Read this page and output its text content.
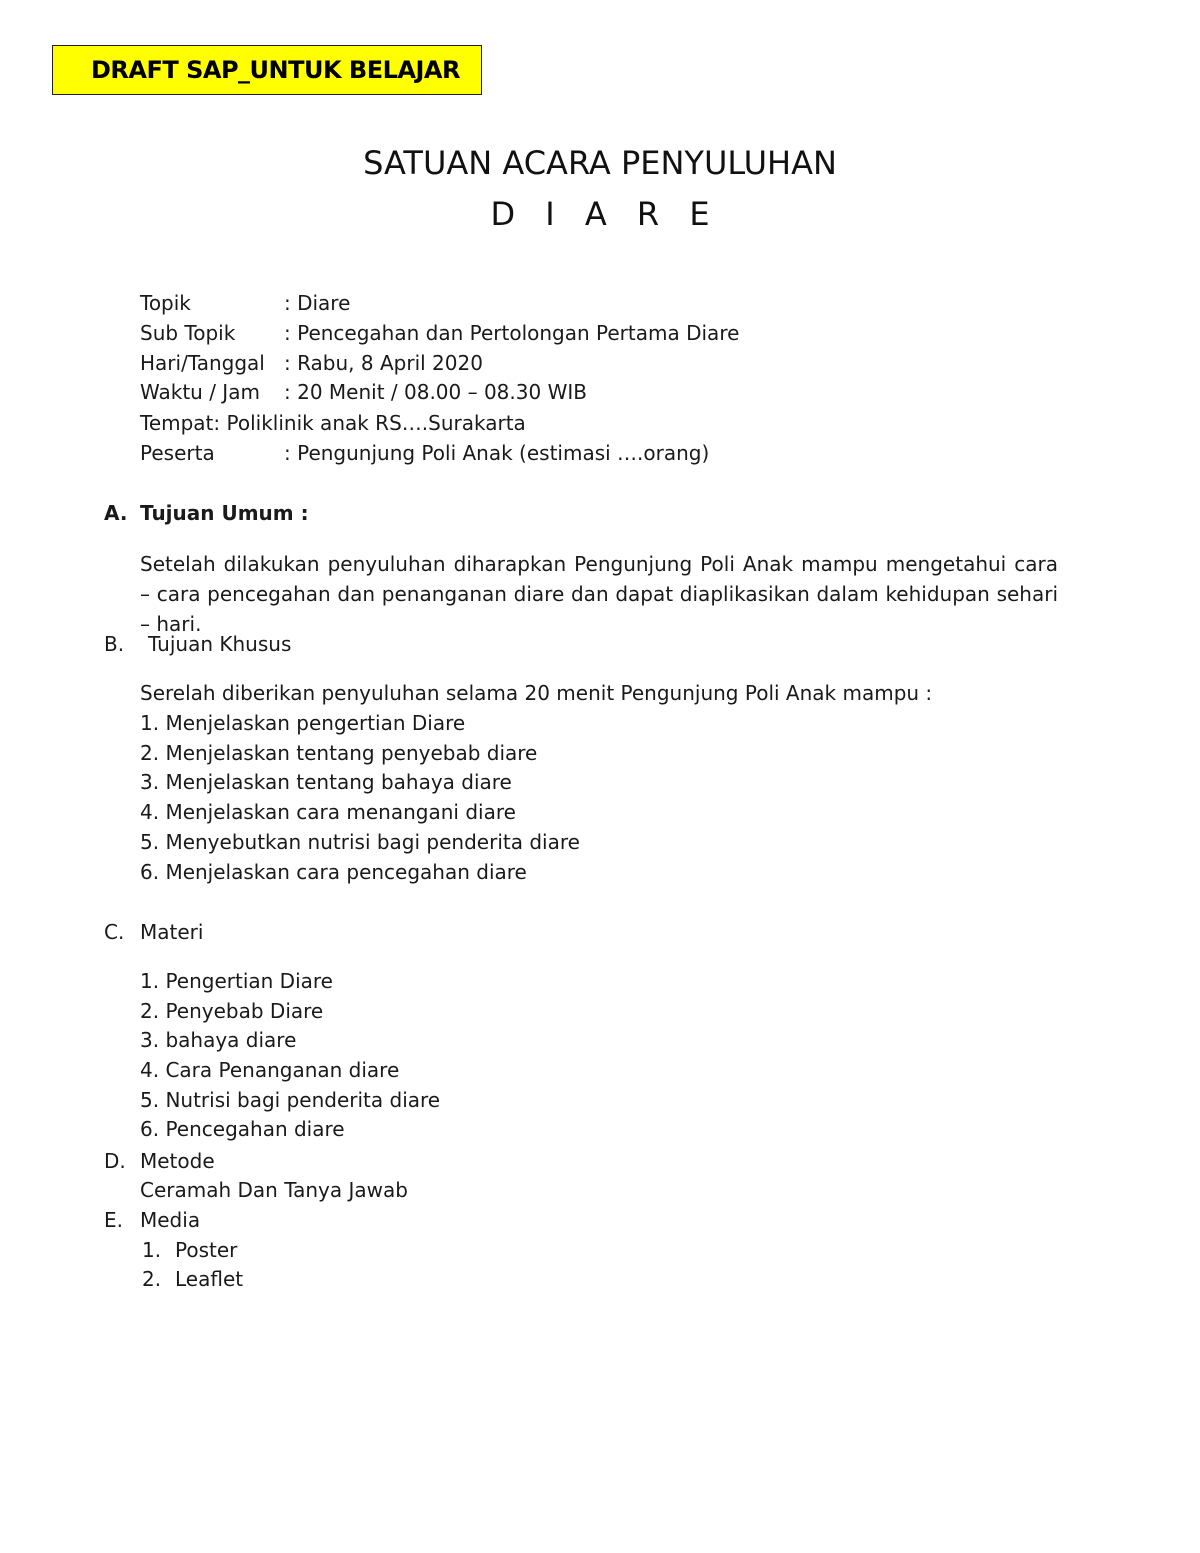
DRAFT SAP_UNTUK BELAJAR
SATUAN ACARA PENYULUHAN
D I A R E
Topik	: Diare
Sub Topik : Pencegahan dan Pertolongan Pertama Diare
Hari/Tanggal : Rabu, 8 April 2020
Waktu / Jam : 20 Menit / 08.00 – 08.30 WIB
Tempat: Poliklinik anak RS….Surakarta
Peserta	: Pengunjung Poli Anak (estimasi ….orang)
A. Tujuan Umum :
Setelah dilakukan penyuluhan diharapkan Pengunjung Poli Anak mampu mengetahui cara – cara pencegahan dan penanganan diare dan dapat diaplikasikan dalam kehidupan sehari – hari.
B. Tujuan Khusus
Serelah diberikan penyuluhan selama 20 menit Pengunjung Poli Anak mampu :
1. Menjelaskan pengertian Diare
2. Menjelaskan tentang penyebab diare
3. Menjelaskan tentang bahaya diare
4. Menjelaskan cara menangani diare
5. Menyebutkan nutrisi bagi penderita diare
6. Menjelaskan cara pencegahan diare
C. Materi
1. Pengertian Diare
2. Penyebab Diare
3. bahaya diare
4. Cara Penanganan diare
5. Nutrisi bagi penderita diare
6. Pencegahan diare
D. Metode
Ceramah Dan Tanya Jawab
E. Media
1. Poster
2. Leaflet
